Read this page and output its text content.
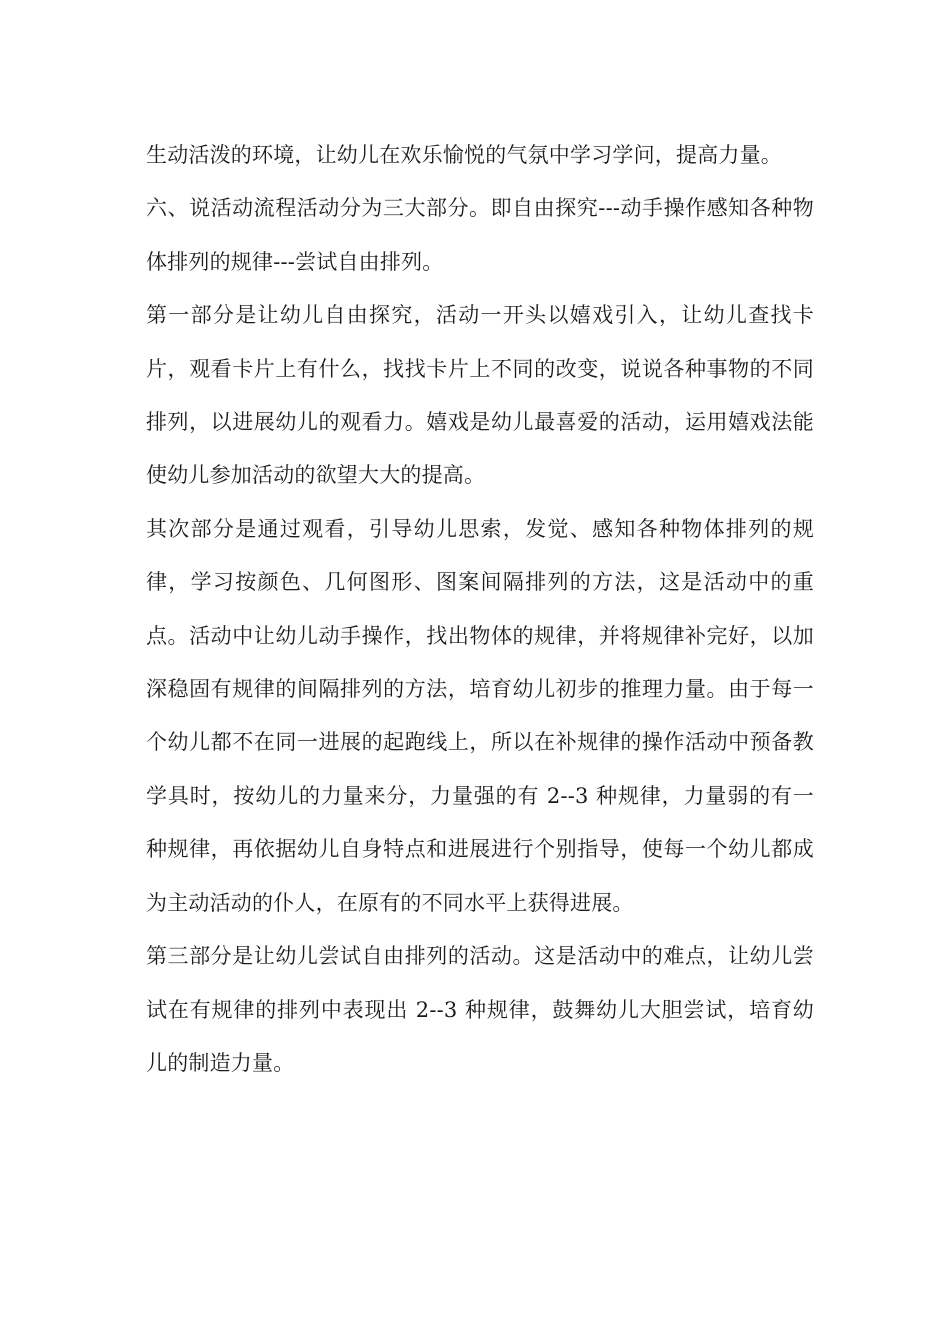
生动活泼的环境，让幼儿在欢乐愉悦的气氛中学习学问，提高力量。

六、说活动流程活动分为三大部分。即自由探究---动手操作感知各种物体排列的规律---尝试自由排列。

第一部分是让幼儿自由探究，活动一开头以嬉戏引入，让幼儿查找卡片，观看卡片上有什么，找找卡片上不同的改变，说说各种事物的不同排列，以进展幼儿的观看力。嬉戏是幼儿最喜爱的活动，运用嬉戏法能使幼儿参加活动的欲望大大的提高。

其次部分是通过观看，引导幼儿思索，发觉、感知各种物体排列的规律，学习按颜色、几何图形、图案间隔排列的方法，这是活动中的重点。活动中让幼儿动手操作，找出物体的规律，并将规律补完好，以加深稳固有规律的间隔排列的方法，培育幼儿初步的推理力量。由于每一个幼儿都不在同一进展的起跑线上，所以在补规律的操作活动中预备教学具时，按幼儿的力量来分，力量强的有 2--3 种规律，力量弱的有一种规律，再依据幼儿自身特点和进展进行个别指导，使每一个幼儿都成为主动活动的仆人，在原有的不同水平上获得进展。

第三部分是让幼儿尝试自由排列的活动。这是活动中的难点，让幼儿尝试在有规律的排列中表现出 2--3 种规律，鼓舞幼儿大胆尝试，培育幼儿的制造力量。
